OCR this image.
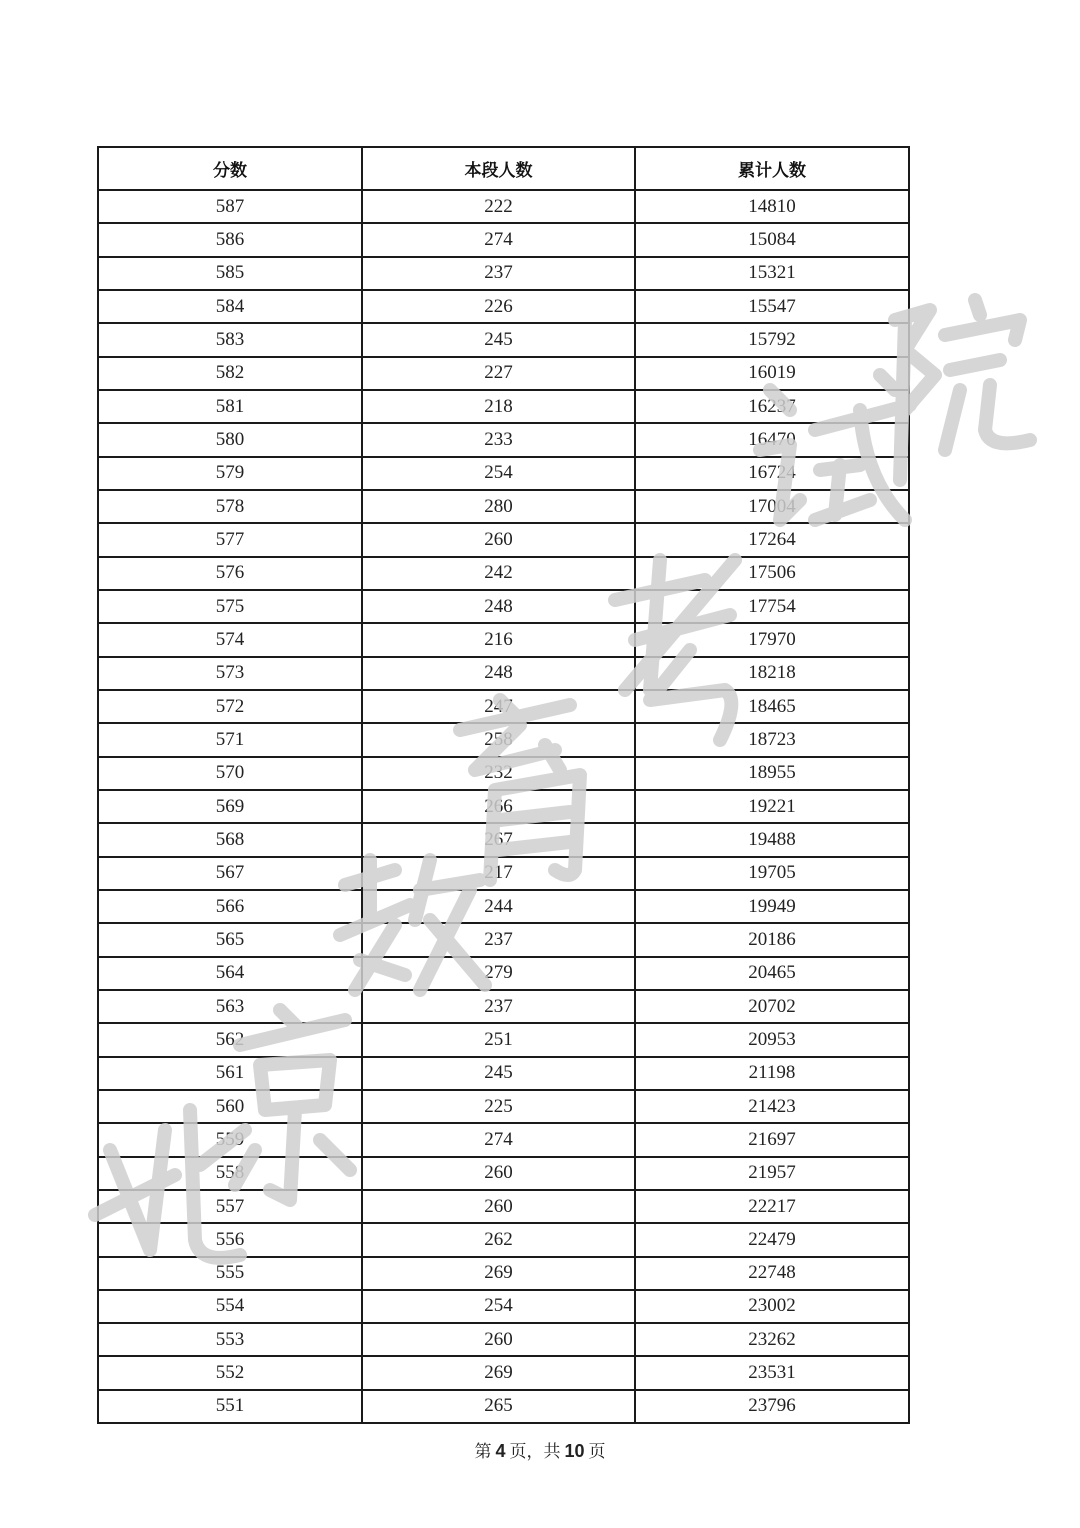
分数	本段人数	累计人数
587	222	14810
586	274	15084
585	237	15321
584	226	15547
583	245	15792
582	227	16019
581	218	16237
580	233	16470
579	254	16724
578	280	17004
577	260	17264
576	242	17506
575	248	17754
574	216	17970
573	248	18218
572	247	18465
571	258	18723
570	232	18955
569	266	19221
568	267	19488
567	217	19705
566	244	19949
565	237	20186
564	279	20465
563	237	20702
562	251	20953
561	245	21198
560	225	21423
559	274	21697
558	260	21957
557	260	22217
556	262	22479
555	269	22748
554	254	23002
553	260	23262
552	269	23531
551	265	23796
第 4 页，共 10 页
